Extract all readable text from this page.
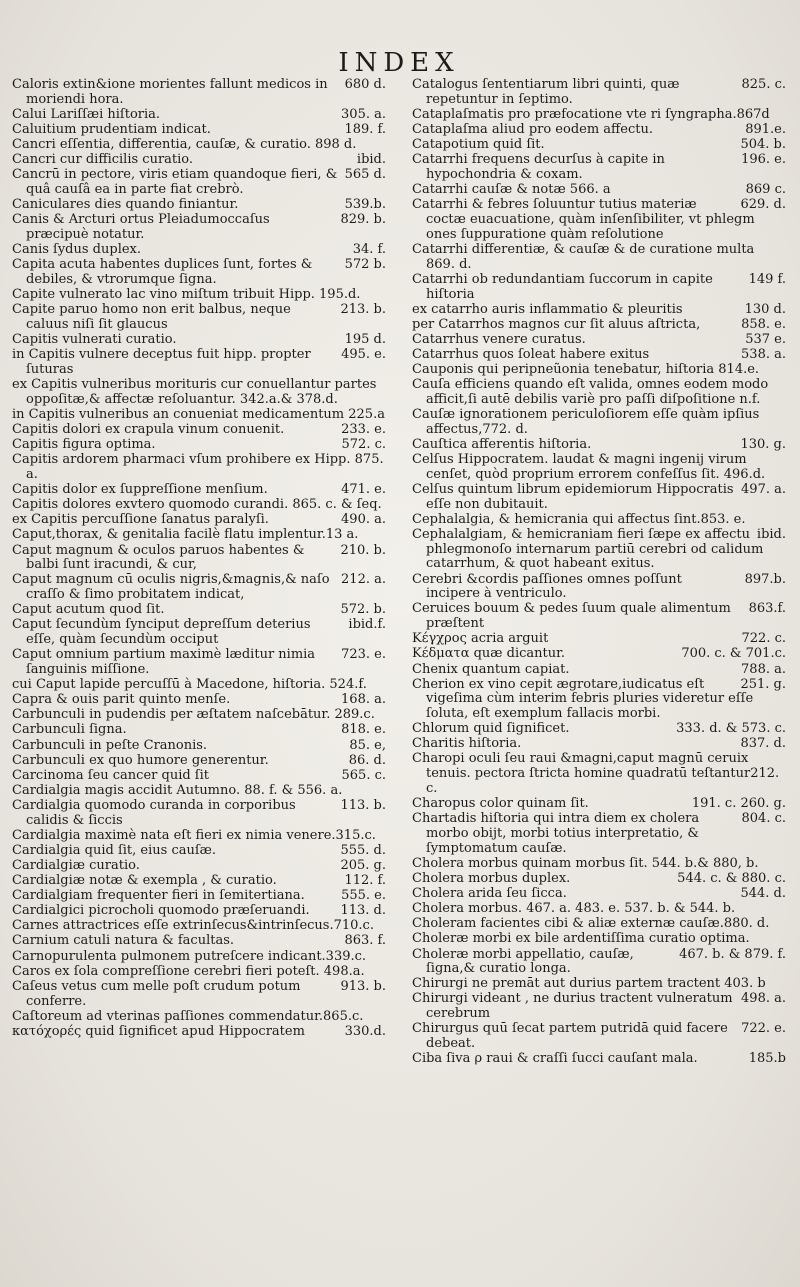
INDEX
680 d.
Caloris extin&ione morientes fallunt medicos in moriendi hora.
305. a.
Calui Lariſſæi hiſtoria.
189. f.
Caluitium prudentiam indicat.
Cancri eſſentia, differentia, cauſæ, & curatio. 898 d.
ibid.
Cancri cur difficilis curatio.
565 d.
Cancrū in pectore, viris etiam quandoque fieri, & quâ cauſâ ea in parte fiat crebrò.
539.b.
Caniculares dies quando finiantur.
829. b.
Canis & Arcturi ortus Pleiadumoccaſus præcipuè notatur.
34. f.
Canis ſydus duplex.
572 b.
Capita acuta habentes duplices ſunt, fortes & debiles, & vtrorumque ſigna.
Capite vulnerato lac vino miſtum tribuit Hipp. 195.d.
213. b.
Capite paruo homo non erit balbus, neque caluus niſi ſit glaucus
195 d.
Capitis vulnerati curatio.
495. e.
in Capitis vulnere deceptus fuit hipp. propter ſuturas
ex Capitis vulneribus morituris cur conuellantur partes oppoſitæ,& affectæ reſoluantur. 342.a.& 378.d.
in Capitis vulneribus an conueniat medicamentum 225.a
233. e.
Capitis dolori ex crapula vinum conuenit.
572. c.
Capitis figura optima.
Capitis ardorem pharmaci vſum prohibere ex Hipp. 875. a.
471. e.
Capitis dolor ex ſuppreſſione menſium.
Capitis dolores exvtero quomodo curandi. 865. c. & ſeq.
490. a.
ex Capitis percuſſione ſanatus paralyſi.
Caput,thorax, & genitalia facilè flatu implentur.13 a.
210. b.
Caput magnum & oculos paruos habentes & balbi ſunt iracundi, & cur,
212. a.
Caput magnum cū oculis nigris,&magnis,& naſo craſſo & ſimo probitatem indicat,
572. b.
Caput acutum quod ſit.
ibid.f.
Caput ſecundùm ſynciput depreſſum deterius eſſe, quàm ſecundùm occiput
723. e.
Caput omnium partium maximè læditur nimia ſanguinis miſſione.
cui Caput lapide percuſſū à Macedone, hiſtoria. 524.f.
168. a.
Capra & ouis parit quinto menſe.
Carbunculi in pudendis per æſtatem naſcebātur. 289.c.
818. e.
Carbunculi ſigna.
85. e,
Carbunculi in peſte Cranonis.
86. d.
Carbunculi ex quo humore generentur.
565. c.
Carcinoma ſeu cancer quid ſit
Cardialgia magis accidit Autumno. 88. f. & 556. a.
113. b.
Cardialgia quomodo curanda in corporibus calidis & ſiccis
Cardialgia maximè nata eſt fieri ex nimia venere.315.c.
555. d.
Cardialgia quid ſit, eius cauſæ.
205. g.
Cardialgiæ curatio.
112. f.
Cardialgiæ notæ & exempla , & curatio.
555. e.
Cardialgiam frequenter fieri in ſemitertiana.
113. d.
Cardialgici picrocholi quomodo præſeruandi.
Carnes attractrices eſſe extrinſecus&intrinſecus.710.c.
863. f.
Carnium catuli natura & facultas.
Carnopurulenta pulmonem putreſcere indicant.339.c.
Caros ex ſola compreſſione cerebri fieri poteſt. 498.a.
913. b.
Caſeus vetus cum melle poſt crudum potum conferre.
Caſtoreum ad vterinas paſſiones commendatur.865.c.
330.d.
κατόχορές quid ſignificet apud Hippocratem
825. c.
Catalogus ſententiarum libri quinti, quæ repetuntur in ſeptimo.
Cataplaſmatis pro præfocatione vte ri ſyngrapha.867d
891.e.
Cataplaſma aliud pro eodem affectu.
504. b.
Catapotium quid ſit.
196. e.
Catarrhi frequens decurſus à capite in hypochondria & coxam.
869 c.
Catarrhi cauſæ & notæ 566. a
629. d.
Catarrhi & febres ſoluuntur tutius materiæ coctæ euacuatione, quàm inſenſibiliter, vt phlegm ones ſuppuratione quàm reſolutione
Catarrhi differentiæ, & cauſæ & de curatione multa 869. d.
149 f.
Catarrhi ob redundantiam ſuccorum in capite hiſtoria
130 d.
ex catarrho auris inflammatio & pleuritis
858. e.
per Catarrhos magnos cur ſit aluus aſtricta,
537 e.
Catarrhus venere curatus.
538. a.
Catarrhus quos ſoleat habere exitus
Cauponis qui peripneũonia tenebatur, hiſtoria 814.e.
Cauſa efficiens quando eſt valida, omnes eodem modo afficit,ſi autē debilis variè pro paſſi diſpoſitione n.f.
Cauſæ ignorationem periculoſiorem eſſe quàm ipſius affectus,772. d.
130. g.
Cauſtica afferentis hiſtoria.
Celſus Hippocratem. laudat & magni ingenij virum cenſet, quòd proprium errorem confeſſus ſit. 496.d.
497. a.
Celſus quintum librum epidemiorum Hippocratis eſſe non dubitauit.
Cephalalgia, & hemicrania qui affectus ſint.853. e.
ibid.
Cephalalgiam, & hemicraniam fieri ſæpe ex affectu phlegmonoſo internarum partiū cerebri od calidum catarrhum, & quot habeant exitus.
897.b.
Cerebri &cordis paſſiones omnes poſſunt incipere à ventriculo.
863.f.
Ceruices bouum & pedes ſuum quale alimentum præſtent
722. c.
Κέγχρος acria arguit
700. c. & 701.c.
Κέδματα quæ dicantur.
788. a.
Chenix quantum capiat.
251. g.
Cherion ex vino cepit ægrotare,iudicatus eſt vigeſima cùm interim febris pluries videretur eſſe ſoluta, eſt exemplum fallacis morbi.
333. d. & 573. c.
Chlorum quid ſignificet.
837. d.
Charitis hiſtoria.
Charopi oculi ſeu raui &magni,caput magnū ceruix tenuis. pectora ſtricta homine quadratū teſtantur212. c.
191. c. 260. g.
Charopus color quinam ſit.
804. c.
Chartadis hiſtoria qui intra diem ex cholera morbo obijt, morbi totius interpretatio, & ſymptomatum cauſæ.
Cholera morbus quinam morbus ſit. 544. b.& 880, b.
544. c. & 880. c.
Cholera morbus duplex.
544. d.
Cholera arida ſeu ſicca.
Cholera morbus. 467. a. 483. e. 537. b. & 544. b.
Choleram facientes cibi & aliæ externæ cauſæ.880. d.
Choleræ morbi ex bile ardentiſſima curatio optima.
467. b. & 879. f.
Choleræ morbi appellatio, cauſæ, ſigna,& curatio longa.
Chirurgi ne premāt aut durius partem tractent 403. b
498. a.
Chirurgi videant , ne durius tractent vulneratum cerebrum
722. e.
Chirurgus quū ſecat partem putridā quid facere debeat.
185.b
Ciba ſiva ρ raui & craſſi ſucci cauſant mala.
